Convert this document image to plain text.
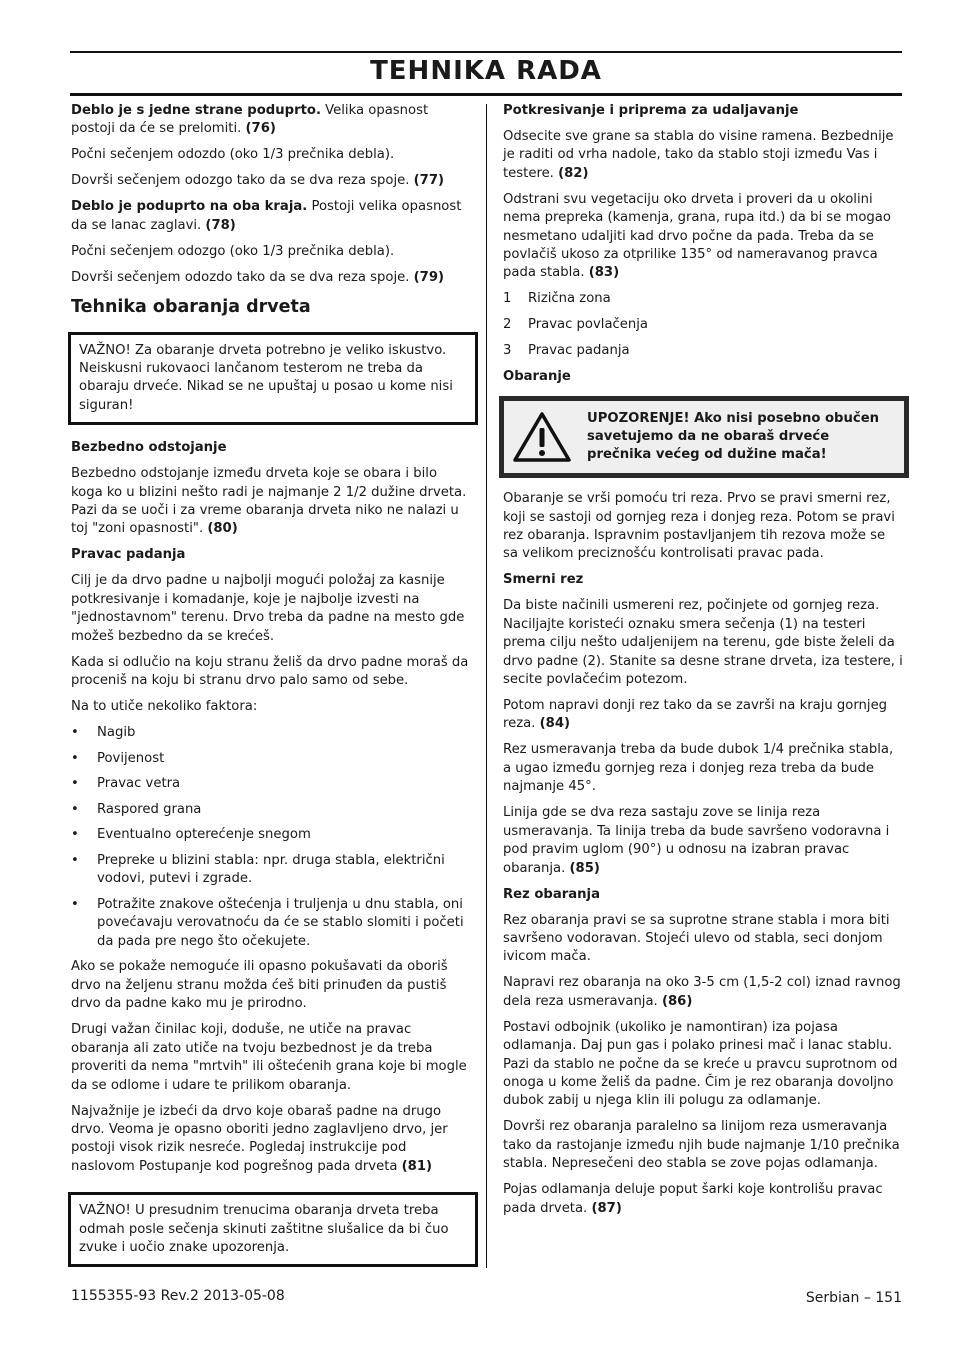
TEHNIKA RADA

Deblo je s jedne strane poduprto. Velika opasnost postoji da će se prelomiti. (76)

Počni sečenjem odozdo (oko 1/3 prečnika debla).

Dovrši sečenjem odozgo tako da se dva reza spoje. (77)

Deblo je poduprto na oba kraja. Postoji velika opasnost da se lanac zaglavi. (78)

Počni sečenjem odozgo (oko 1/3 prečnika debla).

Dovrši sečenjem odozdo tako da se dva reza spoje. (79)

Tehnika obaranja drveta
VAŽNO! Za obaranje drveta potrebno je veliko iskustvo. Neiskusni rukovaoci lančanom testerom ne treba da obaraju drveće. Nikad se ne upuštaj u posao u kome nisi siguran!
Bezbedno odstojanje

Bezbedno odstojanje između drveta koje se obara i bilo koga ko u blizini nešto radi je najmanje 2 1/2 dužine drveta. Pazi da se uoči i za vreme obaranja drveta niko ne nalazi u toj "zoni opasnosti". (80)

Pravac padanja

Cilj je da drvo padne u najbolji mogući položaj za kasnije potkresivanje i komadanje, koje je najbolje izvesti na "jednostavnom" terenu. Drvo treba da padne na mesto gde možeš bezbedno da se krećeš.

Kada si odlučio na koju stranu želiš da drvo padne moraš da proceniš na koju bi stranu drvo palo samo od sebe.

Na to utiče nekoliko faktora:

• Nagib
• Povijenost
• Pravac vetra
• Raspored grana
• Eventualno opterećenje snegom
• Prepreke u blizini stabla: npr. druga stabla, električni vodovi, putevi i zgrade.
• Potražite znakove oštećenja i truljenja u dnu stabla, oni povećavaju verovatnoću da će se stablo slomiti i početi da pada pre nego što očekujete.

Ako se pokaže nemoguće ili opasno pokušavati da oboriš drvo na željenu stranu možda ćeš biti prinuđen da pustiš drvo da padne kako mu je prirodno.

Drugi važan činilac koji, doduše, ne utiče na pravac obaranja ali zato utiče na tvoju bezbednost je da treba proveriti da nema "mrtvih" ili oštećenih grana koje bi mogle da se odlome i udare te prilikom obaranja.

Najvažnije je izbeći da drvo koje obaraš padne na drugo drvo. Veoma je opasno oboriti jedno zaglavljeno drvo, jer postoji visok rizik nesreće. Pogledaj instrukcije pod naslovom Postupanje kod pogrešnog pada drveta (81)

VAŽNO! U presudnim trenucima obaranja drveta treba odmah posle sečenja skinuti zaštitne slušalice da bi čuo zvuke i uočio znake upozorenja.
Potkresivanje i priprema za udaljavanje

Odsecite sve grane sa stabla do visine ramena. Bezbednije je raditi od vrha nadole, tako da stablo stoji između Vas i testere. (82)

Odstrani svu vegetaciju oko drveta i proveri da u okolini nema prepreka (kamenja, grana, rupa itd.) da bi se mogao nesmetano udaljiti kad drvo počne da pada. Treba da se povlačiš ukoso za otprilike 135° od nameravanog pravca pada stabla. (83)

1 Rizična zona
2 Pravac povlačenja
3 Pravac padanja
Obaranje
UPOZORENJE! Ako nisi posebno obučen savetujemo da ne obaraš drveće prečnika većeg od dužine mača!

Obaranje se vrši pomoću tri reza. Prvo se pravi smerni rez, koji se sastoji od gornjeg reza i donjeg reza. Potom se pravi rez obaranja. Ispravnim postavljanjem tih rezova može se sa velikom preciznošću kontrolisati pravac pada.

Smerni rez

Da biste načinili usmereni rez, počinjete od gornjeg reza. Naciljajte koristeći oznaku smera sečenja (1) na testeri prema cilju nešto udaljenijem na terenu, gde biste želeli da drvo padne (2). Stanite sa desne strane drveta, iza testere, i secite povlačećim potezom.

Potom napravi donji rez tako da se završi na kraju gornjeg reza. (84)

Rez usmeravanja treba da bude dubok 1/4 prečnika stabla, a ugao između gornjeg reza i donjeg reza treba da bude najmanje 45°.

Linija gde se dva reza sastaju zove se linija reza usmeravanja. Ta linija treba da bude savršeno vodoravna i pod pravim uglom (90°) u odnosu na izabran pravac obaranja. (85)

Rez obaranja

Rez obaranja pravi se sa suprotne strane stabla i mora biti savršeno vodoravan. Stojeći ulevo od stabla, seci donjom ivicom mača.

Napravi rez obaranja na oko 3-5 cm (1,5-2 col) iznad ravnog dela reza usmeravanja. (86)

Postavi odbojnik (ukoliko je namontiran) iza pojasa odlamanja. Daj pun gas i polako prinesi mač i lanac stablu. Pazi da stablo ne počne da se kreće u pravcu suprotnom od onoga u kome želiš da padne. Čim je rez obaranja dovoljno dubok zabij u njega klin ili polugu za odlamanje.

Dovrši rez obaranja paralelno sa linijom reza usmeravanja tako da rastojanje između njih bude najmanje 1/10 prečnika stabla. Nepresečeni deo stabla se zove pojas odlamanja.

Pojas odlamanja deluje poput šarki koje kontrolišu pravac pada drveta. (87)

1155355-93 Rev.2 2013-05-08	Serbian – 151
